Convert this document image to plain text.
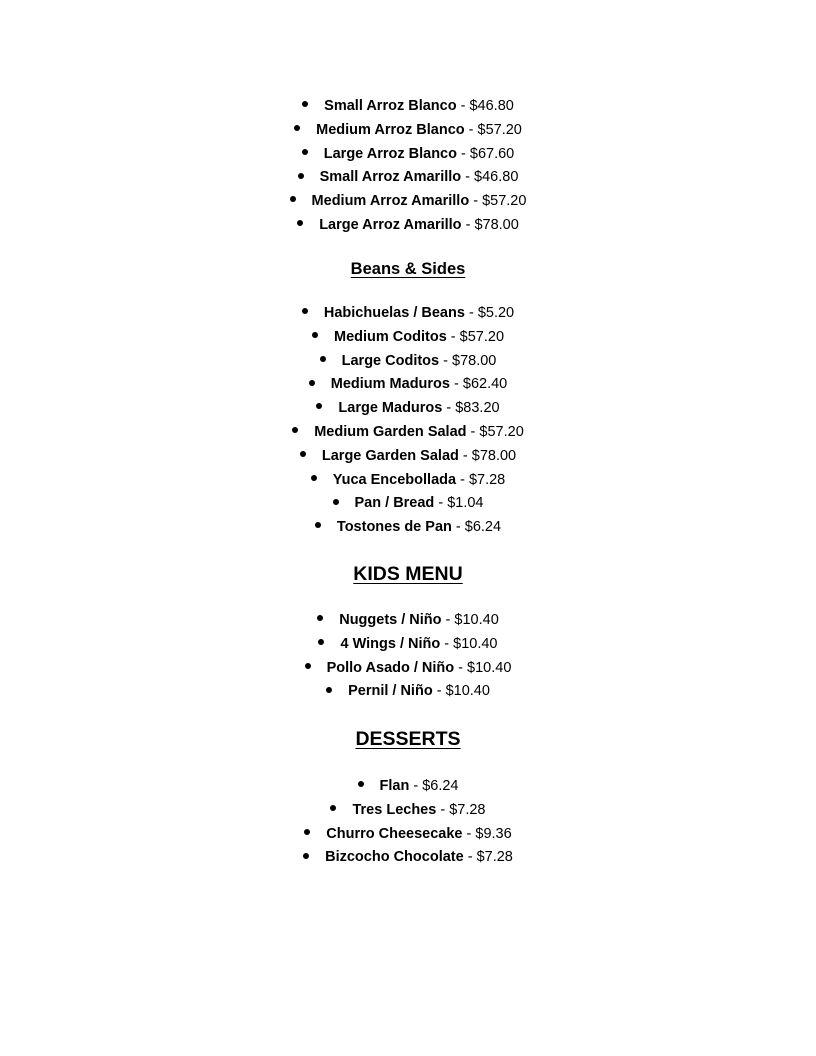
Small Arroz Blanco - $46.80
Medium Arroz Blanco - $57.20
Large Arroz Blanco - $67.60
Small Arroz Amarillo - $46.80
Medium Arroz Amarillo - $57.20
Large Arroz Amarillo - $78.00
Beans & Sides
Habichuelas / Beans - $5.20
Medium Coditos - $57.20
Large Coditos - $78.00
Medium Maduros - $62.40
Large Maduros - $83.20
Medium Garden Salad - $57.20
Large Garden Salad - $78.00
Yuca Encebollada - $7.28
Pan / Bread - $1.04
Tostones de Pan - $6.24
KIDS MENU
Nuggets / Niño - $10.40
4 Wings / Niño - $10.40
Pollo Asado / Niño - $10.40
Pernil / Niño - $10.40
DESSERTS
Flan - $6.24
Tres Leches - $7.28
Churro Cheesecake - $9.36
Bizcocho Chocolate - $7.28
